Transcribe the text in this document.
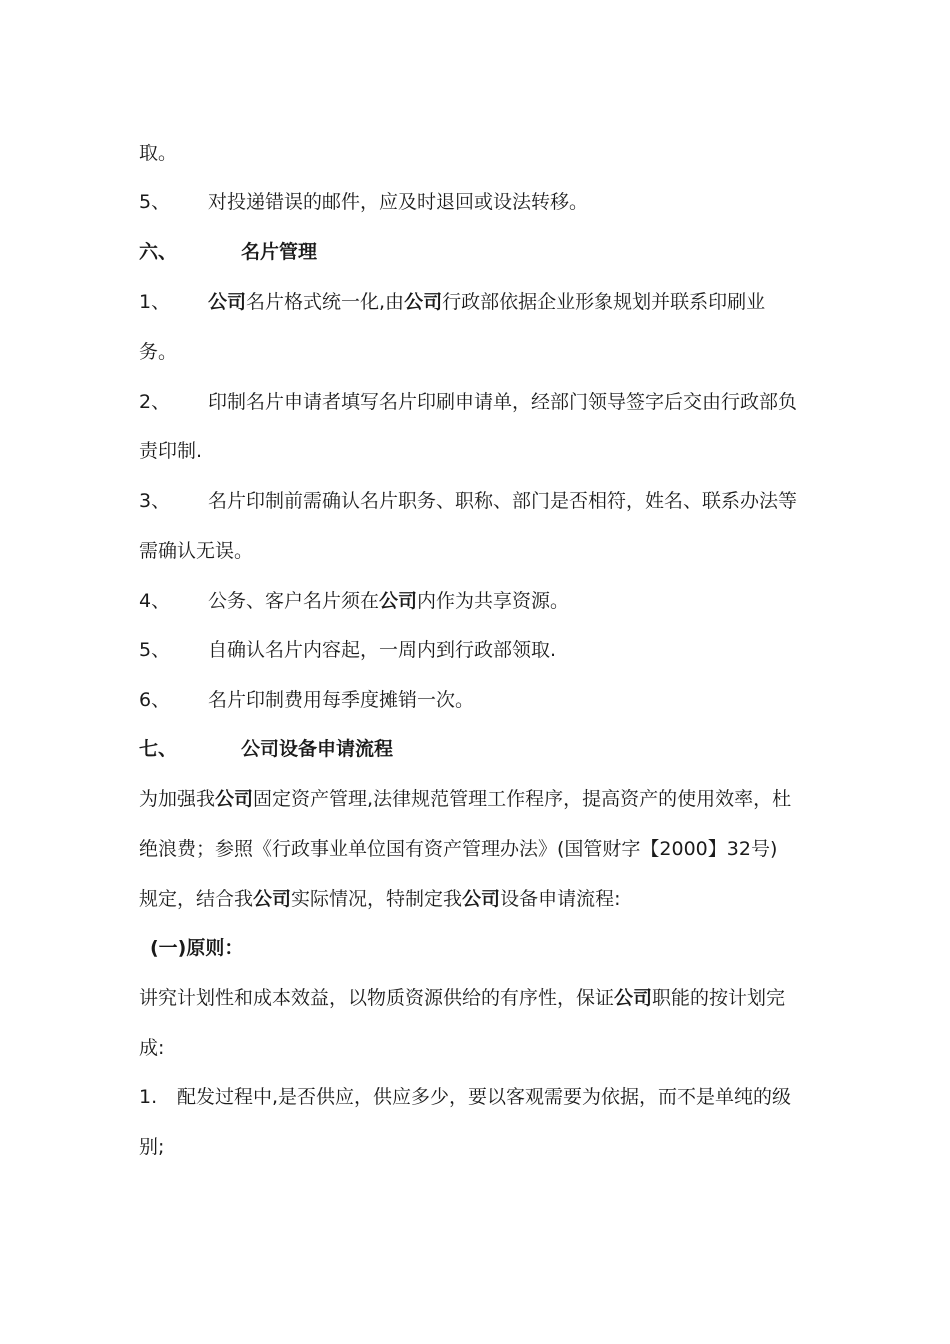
取。
5、 对投递错误的邮件，应及时退回或设法转移。
六、	名片管理
1、 公司名片格式统一化,由公司行政部依据企业形象规划并联系印刷业
务。
2、 印制名片申请者填写名片印刷申请单，经部门领导签字后交由行政部负
责印制.
3、 名片印制前需确认名片职务、职称、部门是否相符，姓名、联系办法等
需确认无误。
4、 公务、客户名片须在公司内作为共享资源。
5、 自确认名片内容起，一周内到行政部领取.
6、 名片印制费用每季度摊销一次。
七、	公司设备申请流程
为加强我公司固定资产管理,法律规范管理工作程序，提高资产的使用效率，杜
绝浪费；参照《行政事业单位国有资产管理办法》(国管财字【2000】32号)
规定，结合我公司实际情况，特制定我公司设备申请流程:
(一)原则：
讲究计划性和成本效益，以物质资源供给的有序性，保证公司职能的按计划完
成:
1. 配发过程中,是否供应，供应多少，要以客观需要为依据，而不是单纯的级
别;
